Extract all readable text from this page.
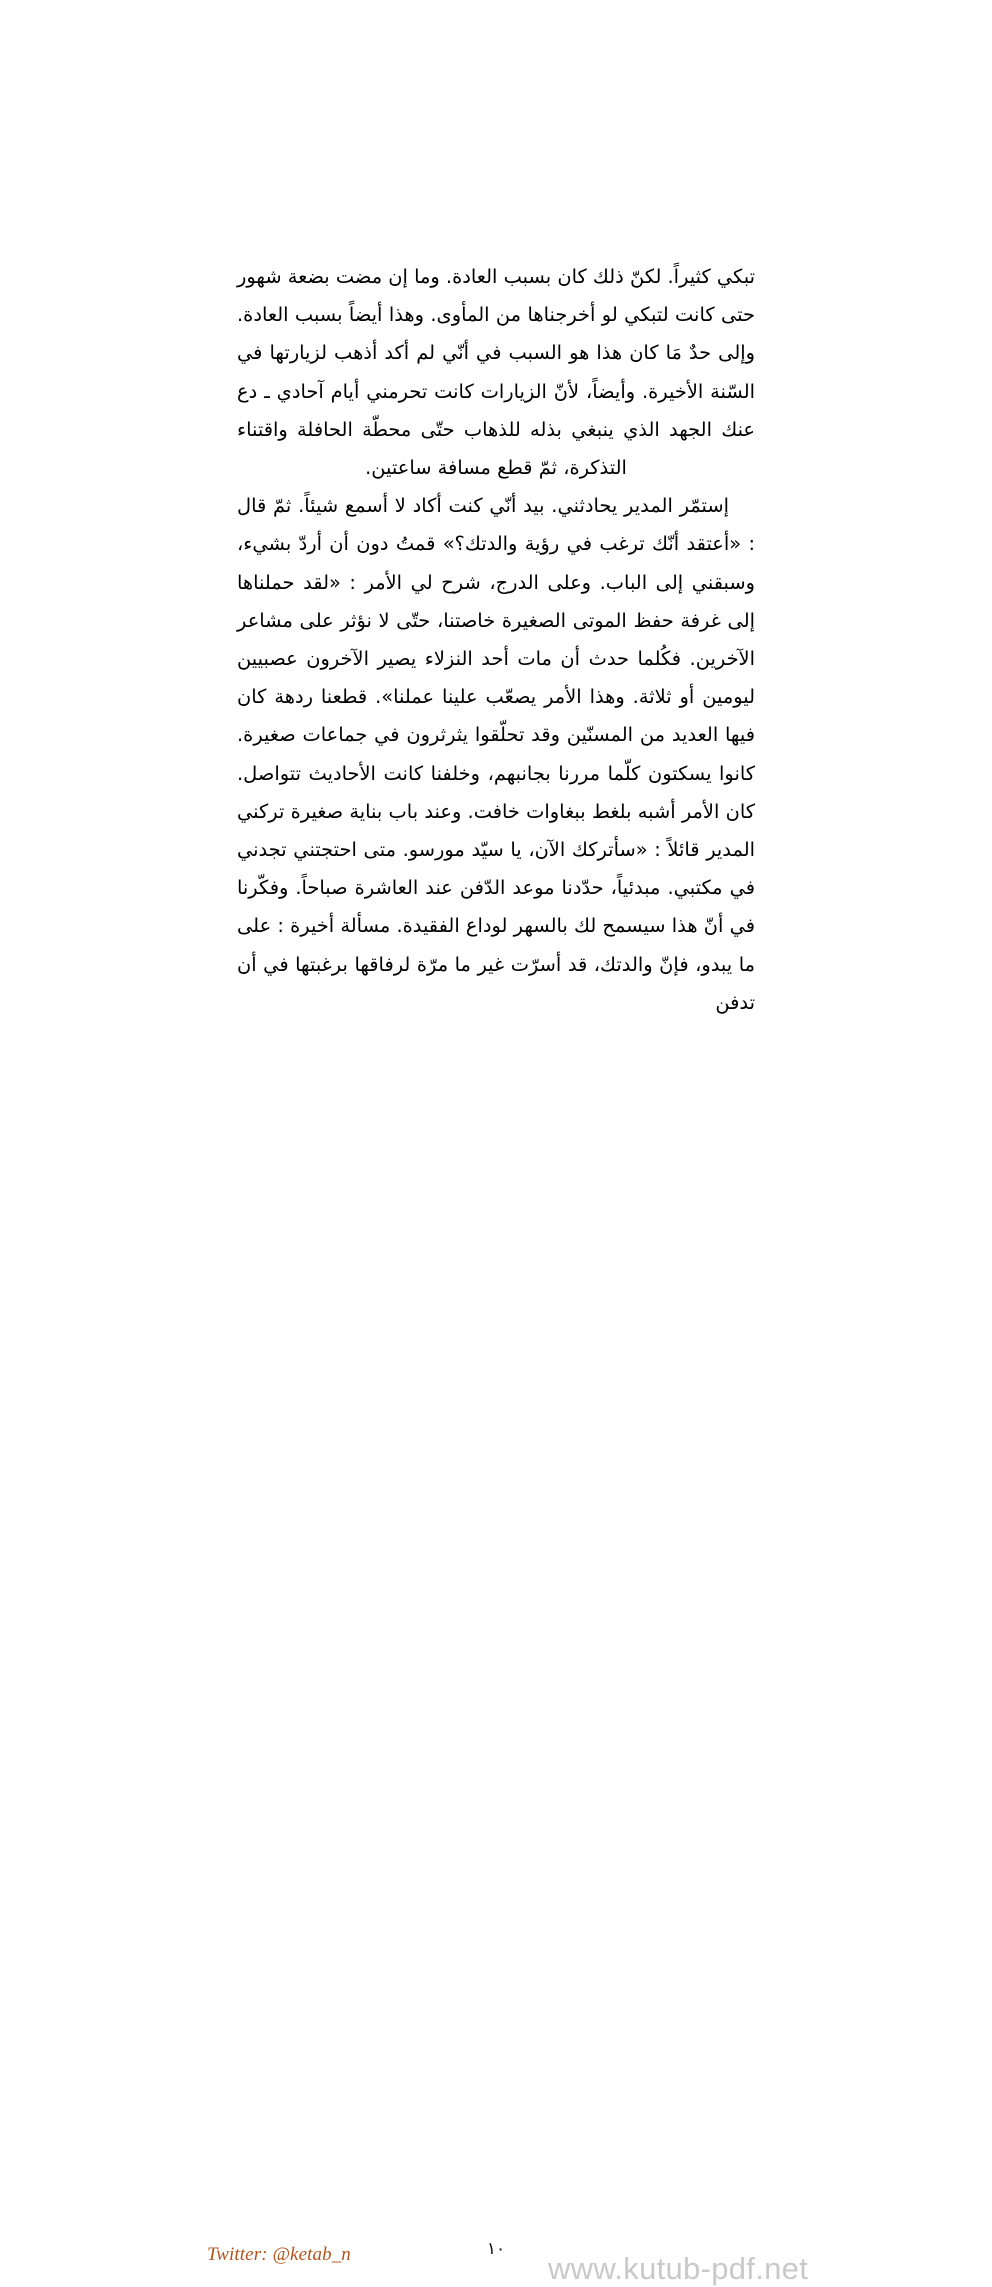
تبكي كثيراً. لكنّ ذلك كان بسبب العادة. وما إن مضت بضعة شهور حتى كانت لتبكي لو أخرجناها من المأوى. وهذا أيضاً بسبب العادة. وإلى حدٌ مَا كان هذا هو السبب في أنّي لم أكد أذهب لزيارتها في السّنة الأخيرة. وأيضاً، لأنّ الزيارات كانت تحرمني أيام آحادي ـ دع عنك الجهد الذي ينبغي بذله للذهاب حتّى محطّة الحافلة واقتناء التذكرة، ثمّ قطع مسافة ساعتين.

إستمّر المدير يحادثني. بيد أنّي كنت أكاد لا أسمع شيئاً. ثمّ قال : «أعتقد أنّك ترغب في رؤية والدتك؟» قمتُ دون أن أردّ بشيء، وسبقني إلى الباب. وعلى الدرج، شرح لي الأمر : «لقد حملناها إلى غرفة حفظ الموتى الصغيرة خاصتنا، حتّى لا نؤثر على مشاعر الآخرين. فكُلما حدث أن مات أحد النزلاء يصير الآخرون عصبيين ليومين أو ثلاثة. وهذا الأمر يصعّب علينا عملنا». قطعنا ردهة كان فيها العديد من المسنّين وقد تحلّقوا يثرثرون في جماعات صغيرة. كانوا يسكتون كلّما مررنا بجانبهم، وخلفنا كانت الأحاديث تتواصل. كان الأمر أشبه بلغط ببغاوات خافت. وعند باب بناية صغيرة تركني المدير قائلاً : «سأتركك الآن، يا سيّد مورسو. متى احتجتني تجدني في مكتبي. مبدئياً، حدّدنا موعد الدّفن عند العاشرة صباحاً. وفكّرنا في أنّ هذا سيسمح لك بالسهر لوداع الفقيدة. مسألة أخيرة : على ما يبدو، فإنّ والدتك، قد أسرّت غير ما مرّة لرفاقها برغبتها في أن تدفن

Twitter: @ketab_n	١٠
www.kutub-pdf.net
